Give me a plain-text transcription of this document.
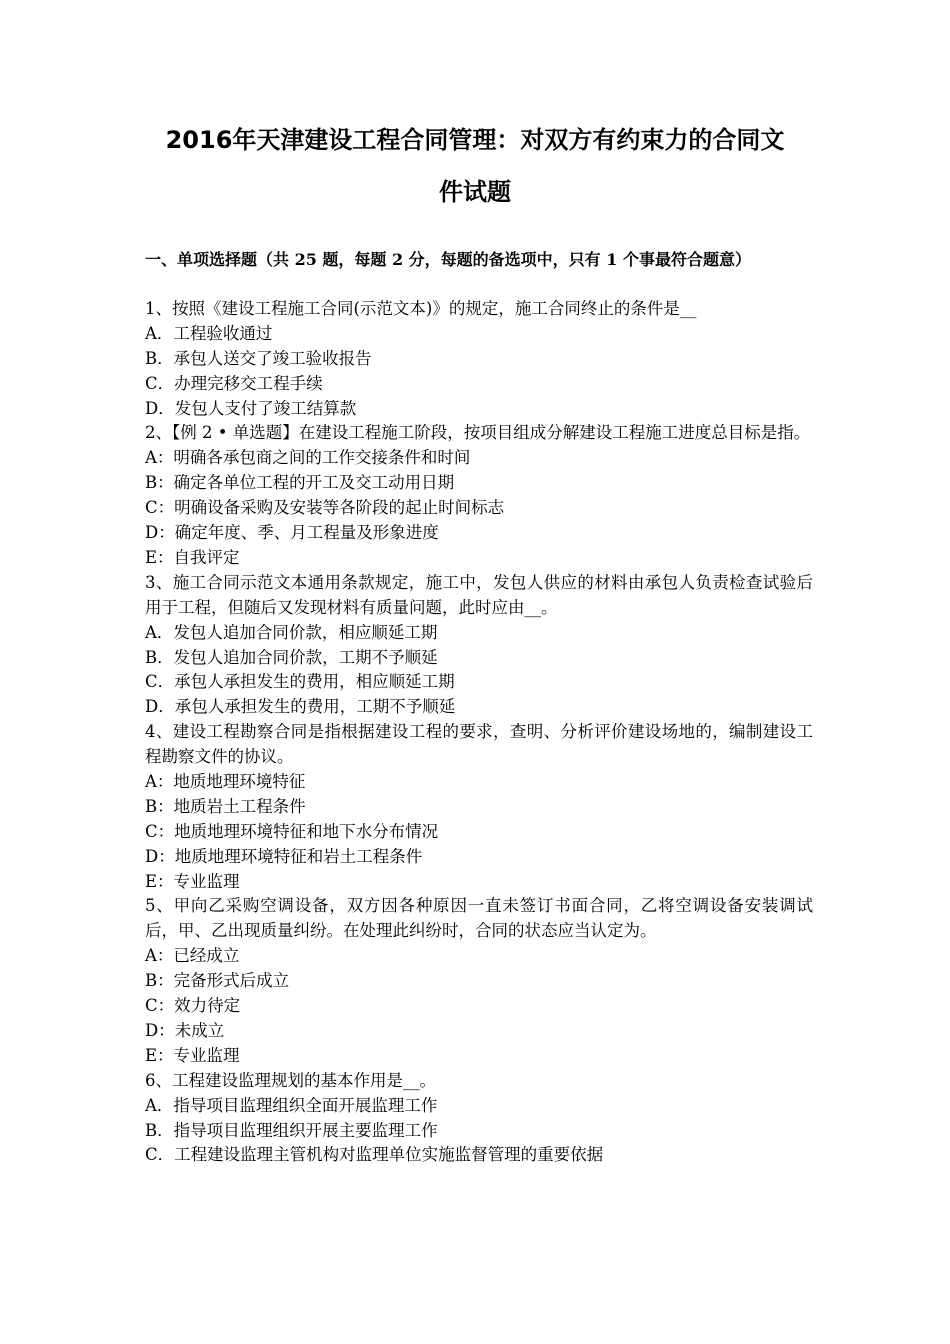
2016年天津建设工程合同管理：对双方有约束力的合同文
件试题

一、单项选择题（共 25 题，每题 2 分，每题的备选项中，只有 1 个事最符合题意）

1、按照《建设工程施工合同(示范文本)》的规定，施工合同终止的条件是__
A．工程验收通过
B．承包人送交了竣工验收报告
C．办理完移交工程手续
D．发包人支付了竣工结算款
2、【例 2 • 单选题】在建设工程施工阶段，按项目组成分解建设工程施工进度总目标是指。
A：明确各承包商之间的工作交接条件和时间
B：确定各单位工程的开工及交工动用日期
C：明确设备采购及安装等各阶段的起止时间标志
D：确定年度、季、月工程量及形象进度
E：自我评定
3、施工合同示范文本通用条款规定，施工中，发包人供应的材料由承包人负责检查试验后用于工程，但随后又发现材料有质量问题，此时应由__。
A．发包人追加合同价款，相应顺延工期
B．发包人追加合同价款，工期不予顺延
C．承包人承担发生的费用，相应顺延工期
D．承包人承担发生的费用，工期不予顺延
4、建设工程勘察合同是指根据建设工程的要求，查明、分析评价建设场地的，编制建设工程勘察文件的协议。
A：地质地理环境特征
B：地质岩土工程条件
C：地质地理环境特征和地下水分布情况
D：地质地理环境特征和岩土工程条件
E：专业监理
5、甲向乙采购空调设备，双方因各种原因一直未签订书面合同，乙将空调设备安装调试后，甲、乙出现质量纠纷。在处理此纠纷时，合同的状态应当认定为。
A：已经成立
B：完备形式后成立
C：效力待定
D：未成立
E：专业监理
6、工程建设监理规划的基本作用是__。
A．指导项目监理组织全面开展监理工作
B．指导项目监理组织开展主要监理工作
C．工程建设监理主管机构对监理单位实施监督管理的重要依据
